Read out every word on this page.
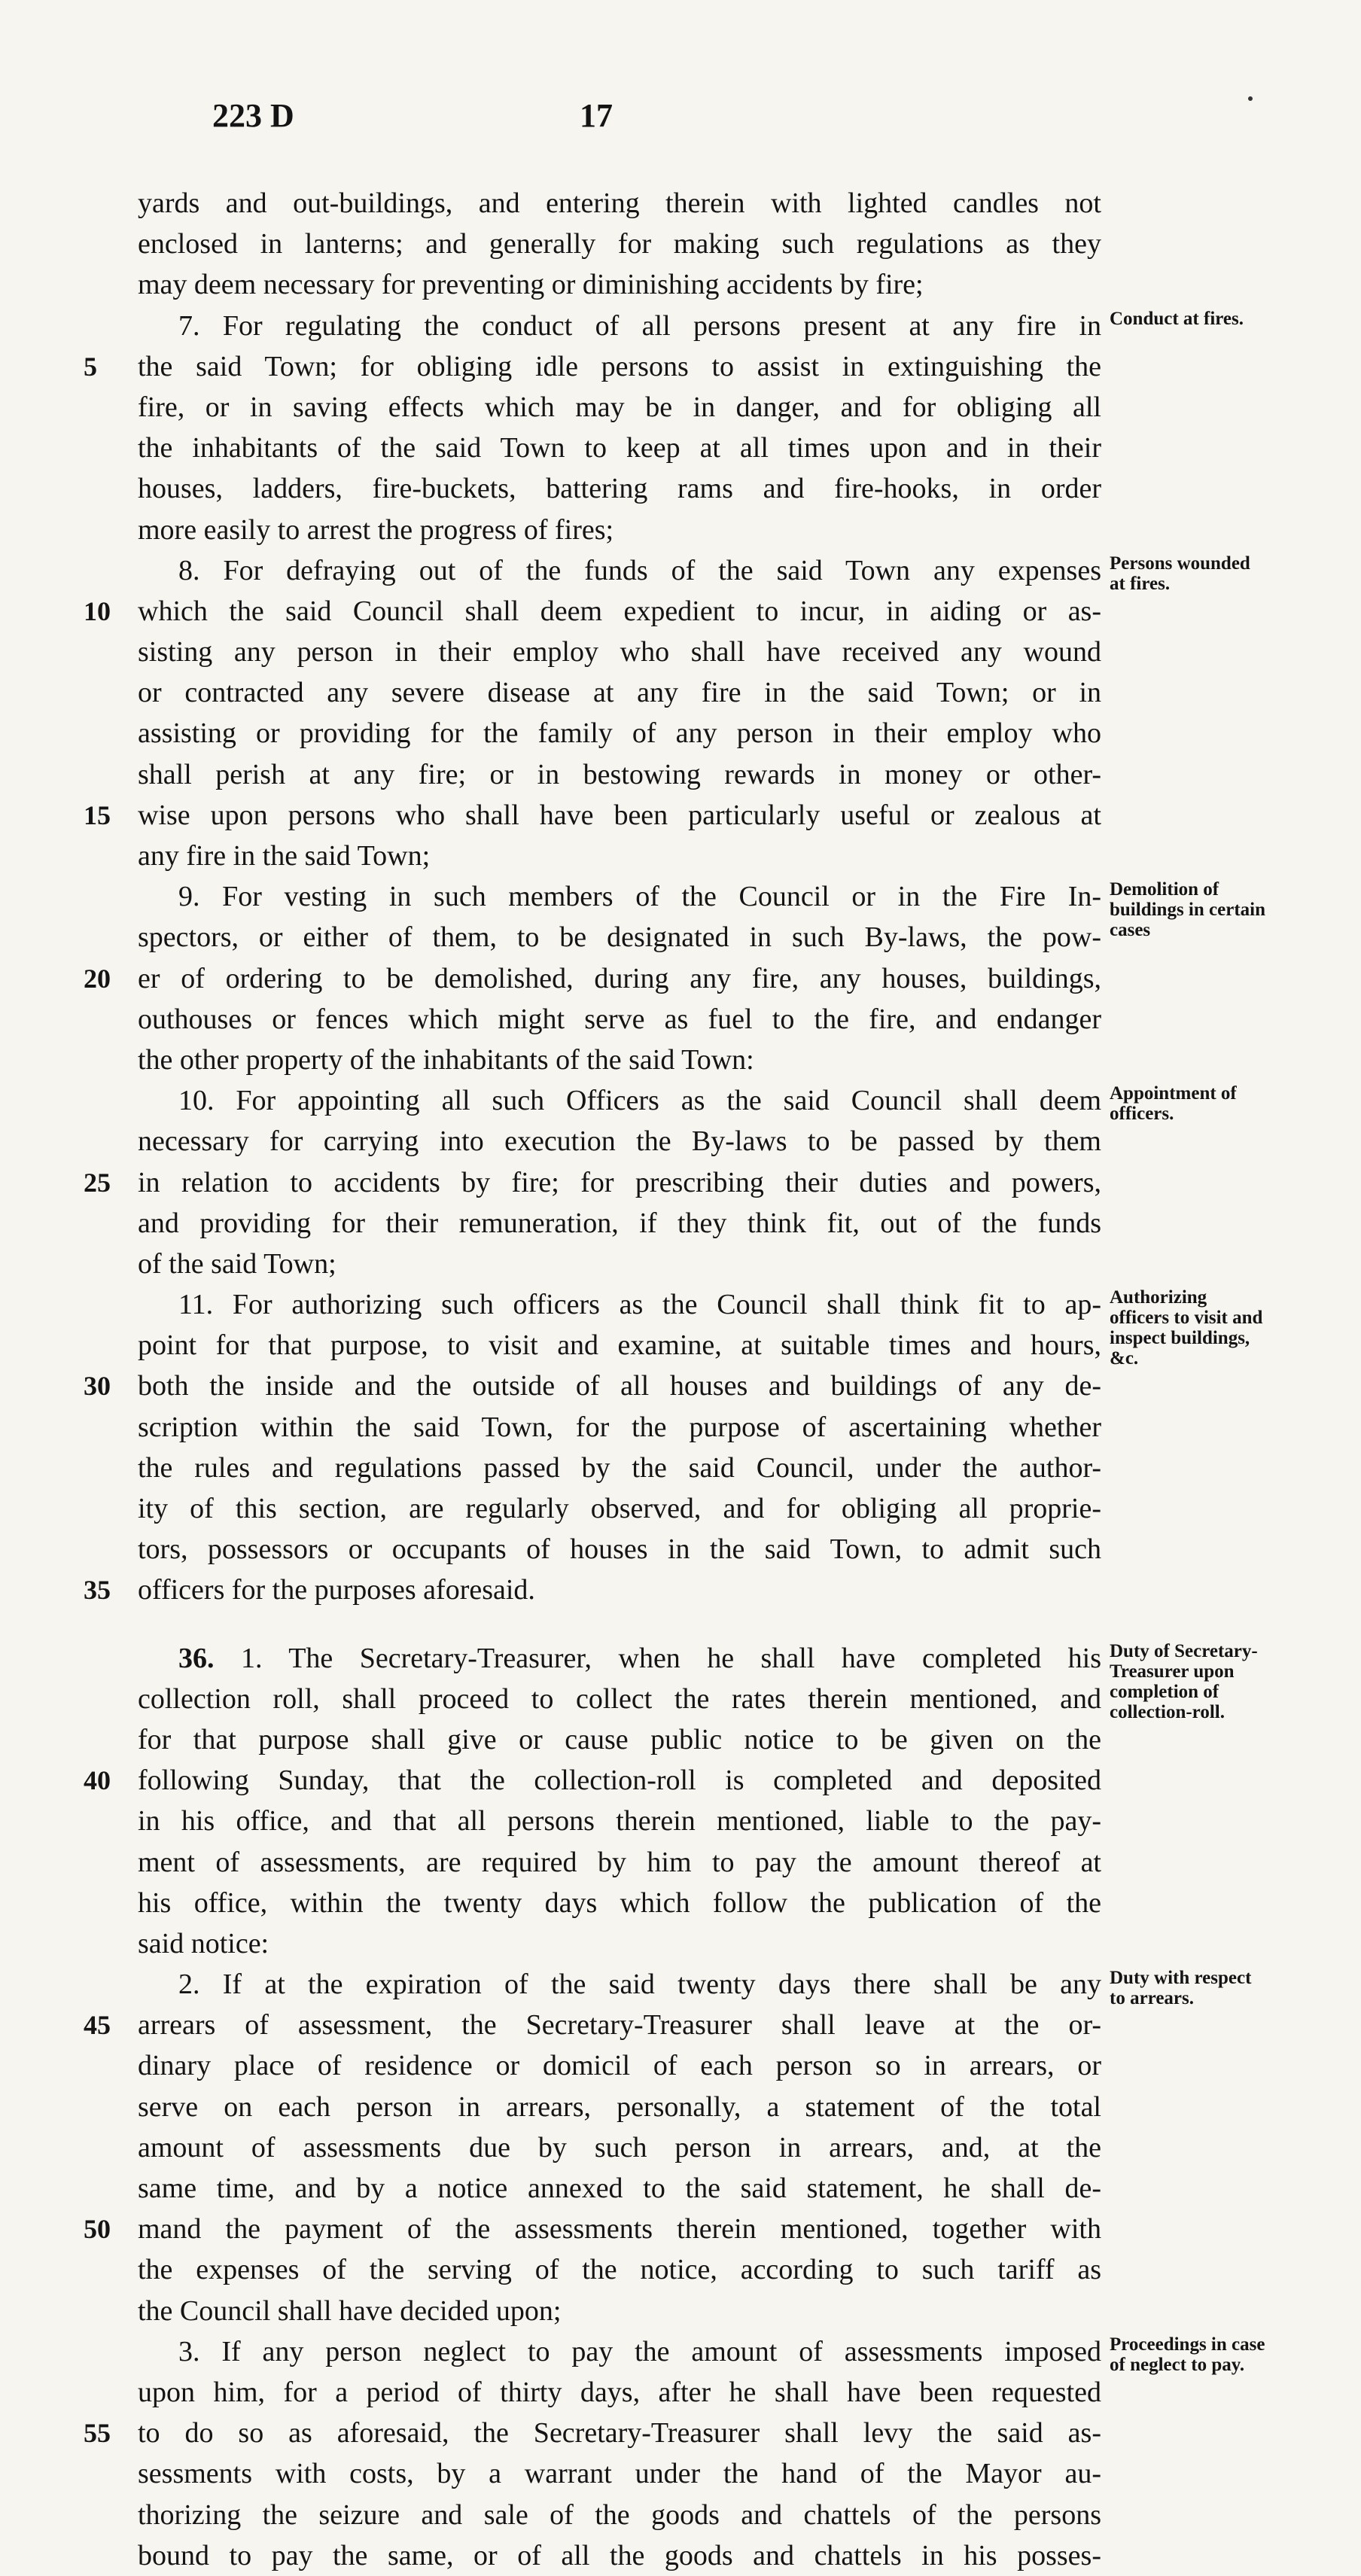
223 D	17
yards and out-buildings, and entering therein with lighted candles not
enclosed in lanterns; and generally for making such regulations as they
may deem necessary for preventing or diminishing accidents by fire;
7. For regulating the conduct of all persons present at any fire in
5	the said Town; for obliging idle persons to assist in extinguishing the
fire, or in saving effects which may be in danger, and for obliging all
the inhabitants of the said Town to keep at all times upon and in their
houses, ladders, fire-buckets, battering rams and fire-hooks, in order
more easily to arrest the progress of fires;
8. For defraying out of the funds of the said Town any expenses
10 which the said Council shall deem expedient to incur, in aiding or as-
sisting any person in their employ who shall have received any wound
or contracted any severe disease at any fire in the said Town; or in
assisting or providing for the family of any person in their employ who
shall perish at any fire; or in bestowing rewards in money or other-
15 wise upon persons who shall have been particularly useful or zealous at
any fire in the said Town;
9. For vesting in such members of the Council or in the Fire In-
spectors, or either of them, to be designated in such By-laws, the pow-
20 er of ordering to be demolished, during any fire, any houses, buildings,
outhouses or fences which might serve as fuel to the fire, and endanger
the other property of the inhabitants of the said Town:
10. For appointing all such Officers as the said Council shall deem
necessary for carrying into execution the By-laws to be passed by them
25 in relation to accidents by fire; for prescribing their duties and powers,
and providing for their remuneration, if they think fit, out of the funds
of the said Town;
11. For authorizing such officers as the Council shall think fit to ap-
point for that purpose, to visit and examine, at suitable times and hours,
30 both the inside and the outside of all houses and buildings of any de-
scription within the said Town, for the purpose of ascertaining whether
the rules and regulations passed by the said Council, under the author-
ity of this section, are regularly observed, and for obliging all proprie-
tors, possessors or occupants of houses in the said Town, to admit such
35 officers for the purposes aforesaid.
36. 1. The Secretary-Treasurer, when he shall have completed his
collection roll, shall proceed to collect the rates therein mentioned, and
for that purpose shall give or cause public notice to be given on the
40 following Sunday, that the collection-roll is completed and deposited
in his office, and that all persons therein mentioned, liable to the pay-
ment of assessments, are required by him to pay the amount thereof at
his office, within the twenty days which follow the publication of the
said notice:
2. If at the expiration of the said twenty days there shall be any
45 arrears of assessment, the Secretary-Treasurer shall leave at the or-
dinary place of residence or domicil of each person so in arrears, or
serve on each person in arrears, personally, a statement of the total
amount of assessments due by such person in arrears, and, at the
same time, and by a notice annexed to the said statement, he shall de-
50 mand the payment of the assessments therein mentioned, together with
the expenses of the serving of the notice, according to such tariff as
the Council shall have decided upon;
3. If any person neglect to pay the amount of assessments imposed
upon him, for a period of thirty days, after he shall have been requested
55 to do so as aforesaid, the Secretary-Treasurer shall levy the said as-
sessments with costs, by a warrant under the hand of the Mayor au-
thorizing the seizure and sale of the goods and chattels of the persons
bound to pay the same, or of all the goods and chattels in his posses-
Conduct at fires.
Persons wounded at fires.
Demolition of buildings in certain cases
Appointment of officers.
Authorizing officers to visit and inspect buildings, &c.
Duty of Secretary-Treasurer upon completion of collection-roll.
Duty with respect to arrears.
Proceedings in case of neglect to pay.
